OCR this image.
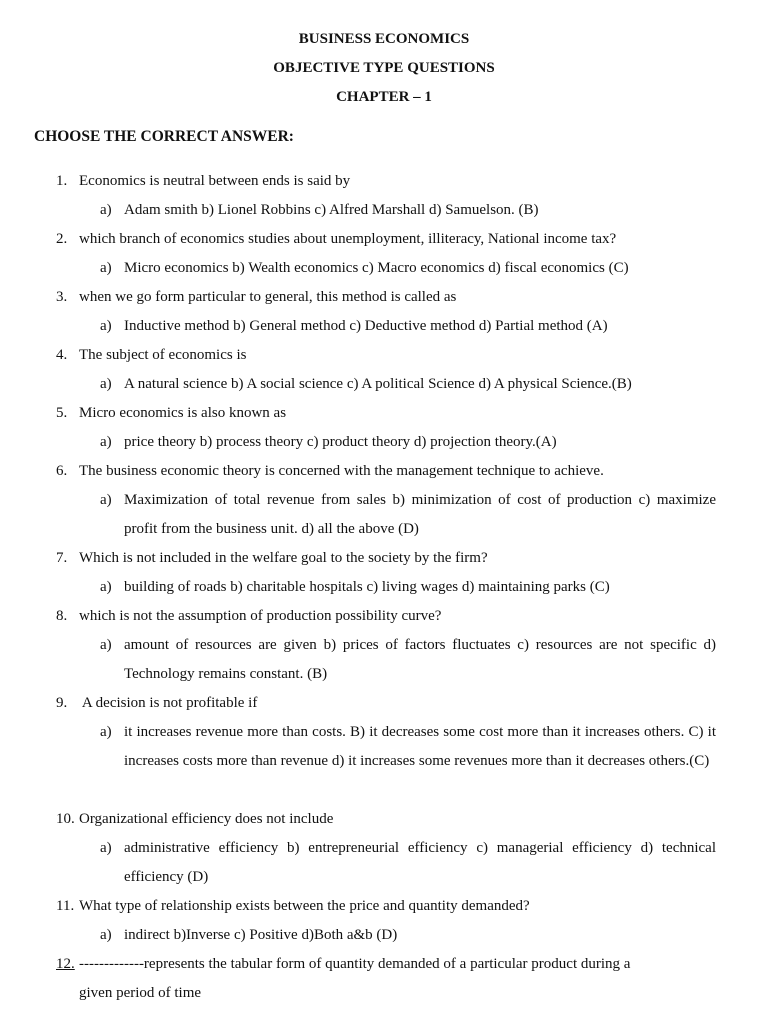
BUSINESS ECONOMICS
OBJECTIVE TYPE QUESTIONS
CHAPTER – 1
CHOOSE THE CORRECT ANSWER:
1. Economics is neutral between ends is said by
a) Adam smith b) Lionel Robbins c) Alfred Marshall d) Samuelson. (B)
2. which branch of economics studies about unemployment, illiteracy, National income tax?
a) Micro economics b) Wealth economics c) Macro economics d) fiscal economics (C)
3. when we go form particular to general, this method is called as
a) Inductive method b) General method c) Deductive method d) Partial method (A)
4. The subject of economics is
a) A natural science b) A social science c) A political Science d) A physical Science.(B)
5. Micro economics is also known as
a) price theory b) process theory c) product theory d) projection theory.(A)
6. The business economic theory is concerned with the management technique to achieve.
a) Maximization of total revenue from sales b) minimization of cost of production c) maximize profit from the business unit. d) all the above (D)
7. Which is not included in the welfare goal to the society by the firm?
a) building of roads b) charitable hospitals c) living wages d) maintaining parks (C)
8. which is not the assumption of production possibility curve?
a) amount of resources are given b) prices of factors fluctuates c) resources are not specific d) Technology remains constant. (B)
9. A decision is not profitable if
a) it increases revenue more than costs. B) it decreases some cost more than it increases others. C) it increases costs more than revenue d) it increases some revenues more than it decreases others.(C)
10. Organizational efficiency does not include
a) administrative efficiency b) entrepreneurial efficiency c) managerial efficiency d) technical efficiency (D)
11. What type of relationship exists between the price and quantity demanded?
a) indirect b)Inverse c) Positive d)Both a&b (D)
12. -------------represents the tabular form of quantity demanded of a particular product during a
given period of time
